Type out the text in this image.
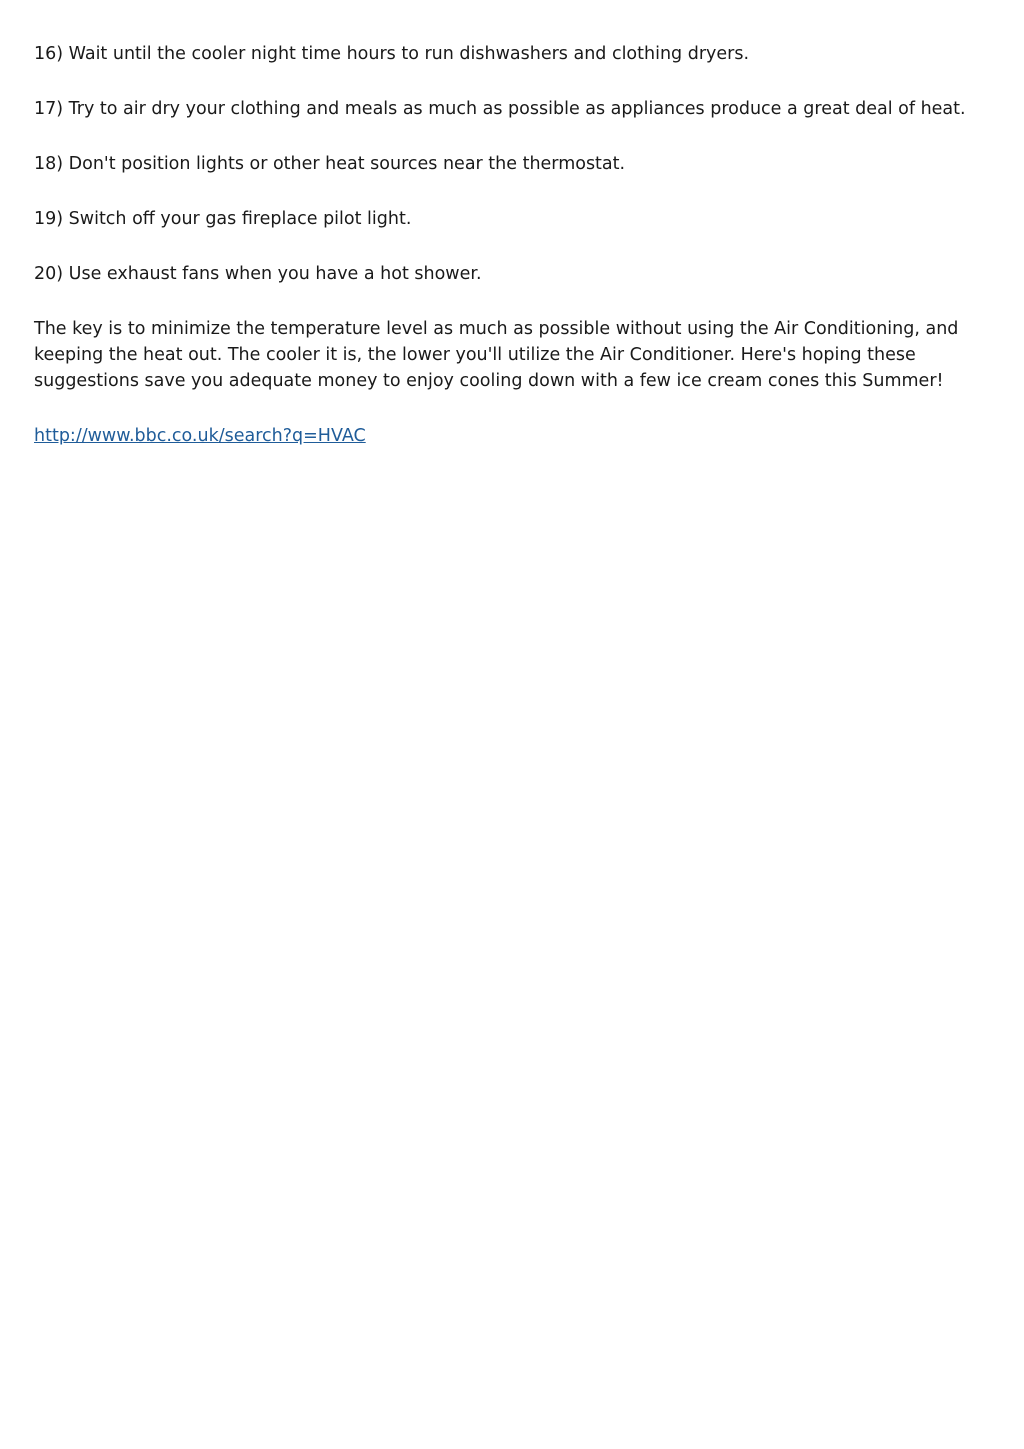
16) Wait until the cooler night time hours to run dishwashers and clothing dryers.

17) Try to air dry your clothing and meals as much as possible as appliances produce a great deal of heat.

18) Don't position lights or other heat sources near the thermostat.

19) Switch off your gas fireplace pilot light.

20) Use exhaust fans when you have a hot shower.

The key is to minimize the temperature level as much as possible without using the Air Conditioning, and keeping the heat out. The cooler it is, the lower you'll utilize the Air Conditioner. Here's hoping these suggestions save you adequate money to enjoy cooling down with a few ice cream cones this Summer!

http://www.bbc.co.uk/search?q=HVAC
